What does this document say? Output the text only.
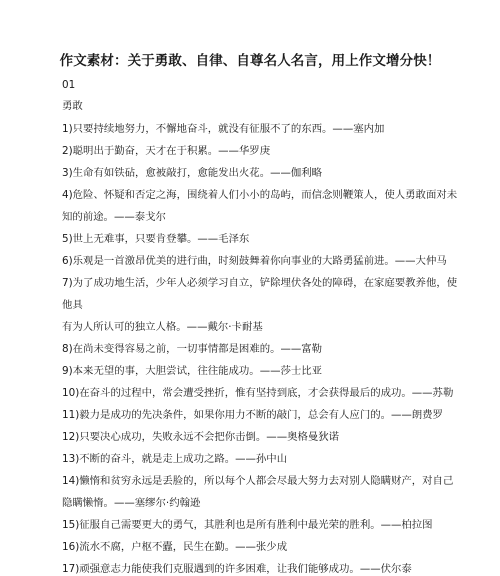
作文素材：关于勇敢、自律、自尊名人名言，用上作文增分快！
01
勇敢
1)只要持续地努力，不懈地奋斗，就没有征服不了的东西。——塞内加
2)聪明出于勤奋，天才在于积累。——华罗庚
3)生命有如铁砧，愈被敲打，愈能发出火花。——伽利略
4)危险、怀疑和否定之海，围绕着人们小小的岛屿，而信念则鞭策人，使人勇敢面对未
知的前途。——泰戈尔
5)世上无难事，只要肯登攀。——毛泽东
6)乐观是一首激昂优美的进行曲，时刻鼓舞着你向事业的大路勇猛前进。——大仲马
7)为了成功地生活，少年人必须学习自立，铲除埋伏各处的障碍，在家庭要教养他，使
他具
有为人所认可的独立人格。——戴尔·卡耐基
8)在尚未变得容易之前，一切事情都是困难的。——富勒
9)本来无望的事，大胆尝试，往往能成功。——莎士比亚
10)在奋斗的过程中，常会遭受挫折，惟有坚持到底，才会获得最后的成功。——苏勒
11)毅力是成功的先决条件，如果你用力不断的敲门，总会有人应门的。——朗费罗
12)只要决心成功，失败永远不会把你击倒。——奥格曼狄诺
13)不断的奋斗，就是走上成功之路。——孙中山
14)懒惰和贫穷永远是丢脸的，所以每个人都会尽最大努力去对别人隐瞒财产，对自己
隐瞒懒惰。——塞缪尔·约翰逊
15)征服自己需要更大的勇气，其胜利也是所有胜利中最光荣的胜利。——柏拉图
16)流水不腐，户枢不蠹，民生在勤。——张少成
17)顽强意志力能使我们克服遇到的许多困难，让我们能够成功。——伏尔泰
